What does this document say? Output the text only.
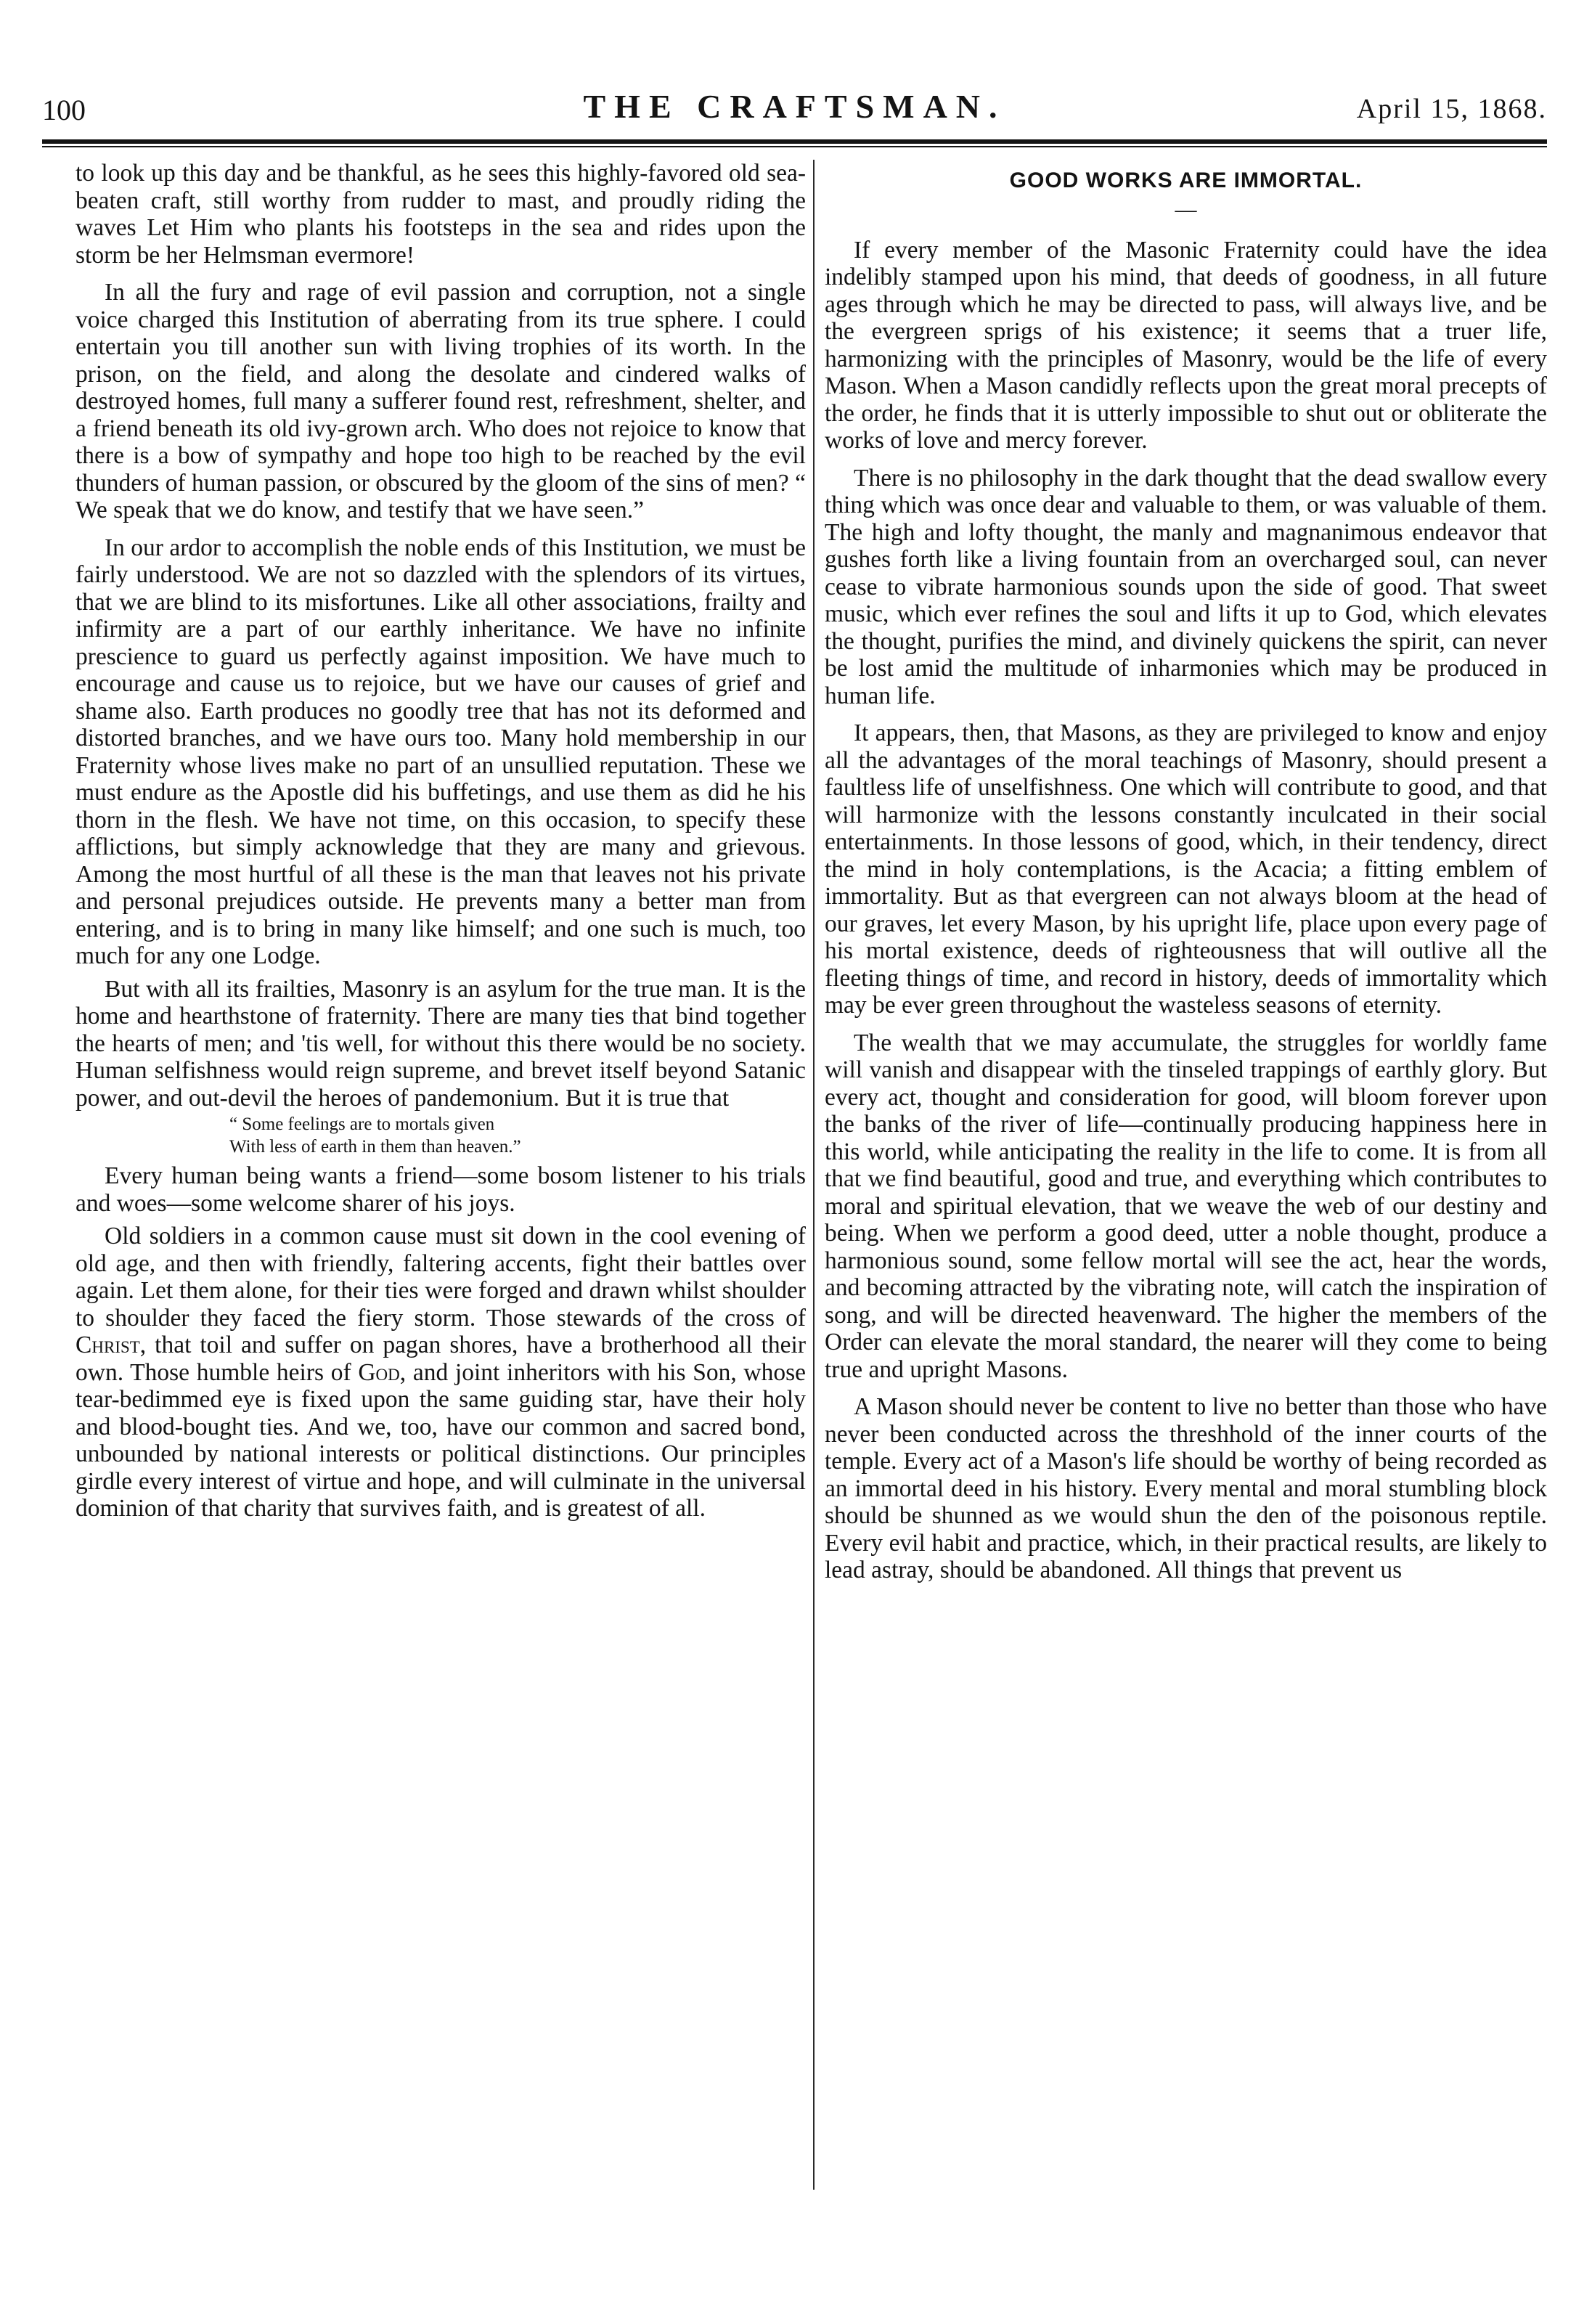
100	THE CRAFTSMAN.	April 15, 1868.

to look up this day and be thankful, as he sees this highly-favored old sea-beaten craft, still worthy from rudder to mast, and proudly riding the waves Let Him who plants his footsteps in the sea and rides upon the storm be her Helmsman evermore!

In all the fury and rage of evil passion and corruption, not a single voice charged this Institution of aberrating from its true sphere. I could entertain you till another sun with living trophies of its worth. In the prison, on the field, and along the desolate and cindered walks of destroyed homes, full many a sufferer found rest, refreshment, shelter, and a friend beneath its old ivy-grown arch. Who does not rejoice to know that there is a bow of sympathy and hope too high to be reached by the evil thunders of human passion, or obscured by the gloom of the sins of men? “ We speak that we do know, and testify that we have seen.”

In our ardor to accomplish the noble ends of this Institution, we must be fairly understood. We are not so dazzled with the splendors of its virtues, that we are blind to its misfortunes. Like all other associations, frailty and infirmity are a part of our earthly inheritance. We have no infinite prescience to guard us perfectly against imposition. We have much to encourage and cause us to rejoice, but we have our causes of grief and shame also. Earth produces no goodly tree that has not its deformed and distorted branches, and we have ours too. Many hold membership in our Fraternity whose lives make no part of an unsullied reputation. These we must endure as the Apostle did his buffetings, and use them as did he his thorn in the flesh. We have not time, on this occasion, to specify these afflictions, but simply acknowledge that they are many and grievous. Among the most hurtful of all these is the man that leaves not his private and personal prejudices outside. He prevents many a better man from entering, and is to bring in many like himself; and one such is much, too much for any one Lodge.

But with all its frailties, Masonry is an asylum for the true man. It is the home and hearthstone of fraternity. There are many ties that bind together the hearts of men; and 'tis well, for without this there would be no society. Human selfishness would reign supreme, and brevet itself beyond Satanic power, and out-devil the heroes of pandemonium. But it is true that

“ Some feelings are to mortals given
With less of earth in them than heaven.”

Every human being wants a friend—some bosom listener to his trials and woes—some welcome sharer of his joys.

Old soldiers in a common cause must sit down in the cool evening of old age, and then with friendly, faltering accents, fight their battles over again. Let them alone, for their ties were forged and drawn whilst shoulder to shoulder they faced the fiery storm. Those stewards of the cross of Christ, that toil and suffer on pagan shores, have a brotherhood all their own. Those humble heirs of God, and joint inheritors with his Son, whose tear-bedimmed eye is fixed upon the same guiding star, have their holy and blood-bought ties. And we, too, have our common and sacred bond, unbounded by national interests or political distinctions. Our principles girdle every interest of virtue and hope, and will culminate in the universal dominion of that charity that survives faith, and is greatest of all.

GOOD WORKS ARE IMMORTAL.
—

If every member of the Masonic Fraternity could have the idea indelibly stamped upon his mind, that deeds of goodness, in all future ages through which he may be directed to pass, will always live, and be the evergreen sprigs of his existence; it seems that a truer life, harmonizing with the principles of Masonry, would be the life of every Mason. When a Mason candidly reflects upon the great moral precepts of the order, he finds that it is utterly impossible to shut out or obliterate the works of love and mercy forever.

There is no philosophy in the dark thought that the dead swallow every thing which was once dear and valuable to them, or was valuable of them. The high and lofty thought, the manly and magnanimous endeavor that gushes forth like a living fountain from an overcharged soul, can never cease to vibrate harmonious sounds upon the side of good. That sweet music, which ever refines the soul and lifts it up to God, which elevates the thought, purifies the mind, and divinely quickens the spirit, can never be lost amid the multitude of inharmonies which may be produced in human life.

It appears, then, that Masons, as they are privileged to know and enjoy all the advantages of the moral teachings of Masonry, should present a faultless life of unselfishness. One which will contribute to good, and that will harmonize with the lessons constantly inculcated in their social entertainments. In those lessons of good, which, in their tendency, direct the mind in holy contemplations, is the Acacia; a fitting emblem of immortality. But as that evergreen can not always bloom at the head of our graves, let every Mason, by his upright life, place upon every page of his mortal existence, deeds of righteousness that will outlive all the fleeting things of time, and record in history, deeds of immortality which may be ever green throughout the wasteless seasons of eternity.

The wealth that we may accumulate, the struggles for worldly fame will vanish and disappear with the tinseled trappings of earthly glory. But every act, thought and consideration for good, will bloom forever upon the banks of the river of life—continually producing happiness here in this world, while anticipating the reality in the life to come. It is from all that we find beautiful, good and true, and everything which contributes to moral and spiritual elevation, that we weave the web of our destiny and being. When we perform a good deed, utter a noble thought, produce a harmonious sound, some fellow mortal will see the act, hear the words, and becoming attracted by the vibrating note, will catch the inspiration of song, and will be directed heavenward. The higher the members of the Order can elevate the moral standard, the nearer will they come to being true and upright Masons.

A Mason should never be content to live no better than those who have never been conducted across the threshhold of the inner courts of the temple. Every act of a Mason's life should be worthy of being recorded as an immortal deed in his history. Every mental and moral stumbling block should be shunned as we would shun the den of the poisonous reptile. Every evil habit and practice, which, in their practical results, are likely to lead astray, should be abandoned. All things that prevent us
